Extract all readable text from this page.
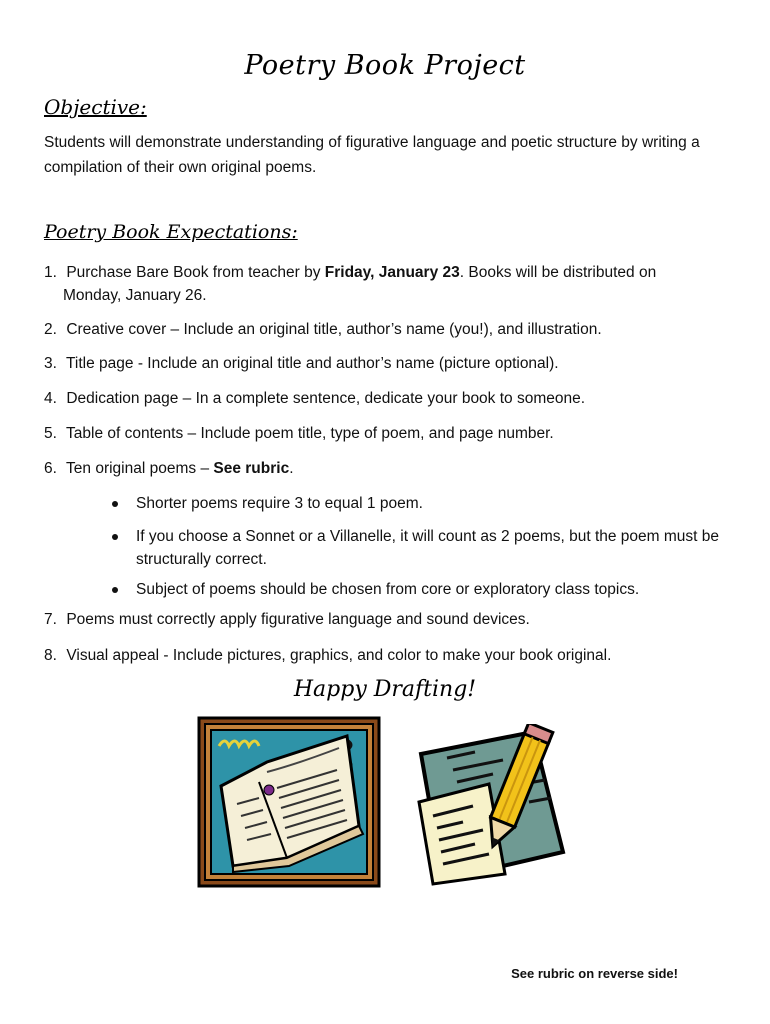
Poetry Book Project
Objective:
Students will demonstrate understanding of figurative language and poetic structure by writing a compilation of their own original poems.
Poetry Book Expectations:
1. Purchase Bare Book from teacher by Friday, January 23. Books will be distributed on
Monday, January 26.
2. Creative cover – Include an original title, author’s name (you!), and illustration.
3. Title page - Include an original title and author’s name (picture optional).
4. Dedication page – In a complete sentence, dedicate your book to someone.
5. Table of contents – Include poem title, type of poem, and page number.
6. Ten original poems – See rubric.
Shorter poems require 3 to equal 1 poem.
If you choose a Sonnet or a Villanelle, it will count as 2 poems, but the poem must be structurally correct.
Subject of poems should be chosen from core or exploratory class topics.
7. Poems must correctly apply figurative language and sound devices.
8. Visual appeal - Include pictures, graphics, and color to make your book original.
Happy Drafting!
See rubric on reverse side!
